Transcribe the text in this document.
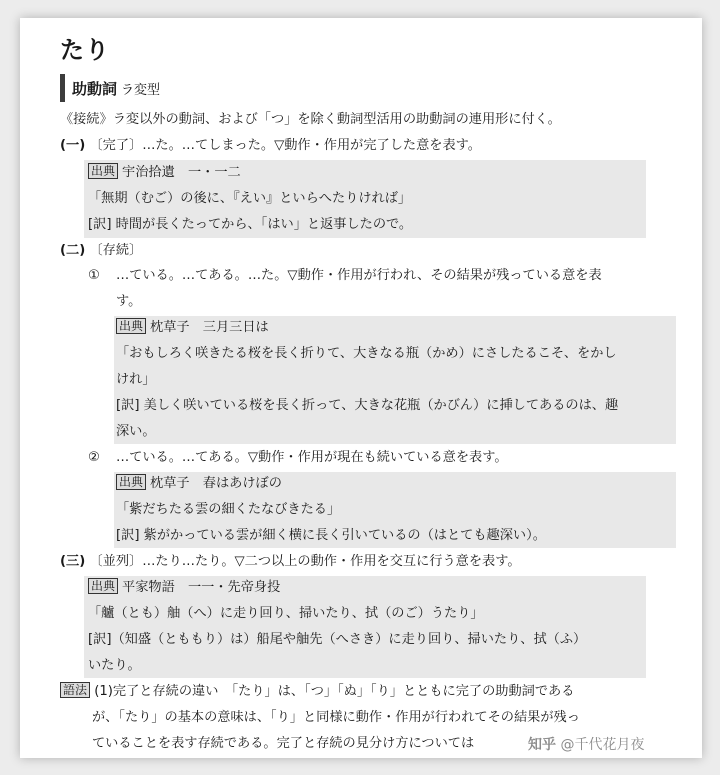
たり
助動詞 ラ変型
《接続》ラ変以外の動詞、および「つ」を除く動詞型活用の助動詞の連用形に付く。
(一) 〔完了〕…た。…てしまった。▽動作・作用が完了した意を表す。
出典 宇治拾遺　一・一二
「無期（むご）の後に、『えい』といらへたりければ」
[訳] 時間が長くたってから、「はい」と返事したので。
(二) 〔存続〕
① …ている。…てある。…た。▽動作・作用が行われ、その結果が残っている意を表
す。
出典 枕草子　三月三日は
「おもしろく咲きたる桜を長く折りて、大きなる瓶（かめ）にさしたるこそ、をかし
けれ」
[訳] 美しく咲いている桜を長く折って、大きな花瓶（かびん）に挿してあるのは、趣
深い。
② …ている。…てある。▽動作・作用が現在も続いている意を表す。
出典 枕草子　春はあけぼの
「紫だちたる雲の細くたなびきたる」
[訳] 紫がかっている雲が細く横に長く引いているの（はとても趣深い）。
(三) 〔並列〕…たり…たり。▽二つ以上の動作・作用を交互に行う意を表す。
出典 平家物語　一一・先帝身投
「艫（とも）舳（へ）に走り回り、掃いたり、拭（のご）うたり」
[訳]（知盛（とももり）は）船尾や舳先（へさき）に走り回り、掃いたり、拭（ふ）
いたり。
語法 (1)完了と存続の違い　「たり」は、「つ」「ぬ」「り」とともに完了の助動詞である
が、「たり」の基本の意味は、「り」と同様に動作・作用が行われてその結果が残っ
ていることを表す存続である。完了と存続の見分け方については	知乎 @千代花月夜
